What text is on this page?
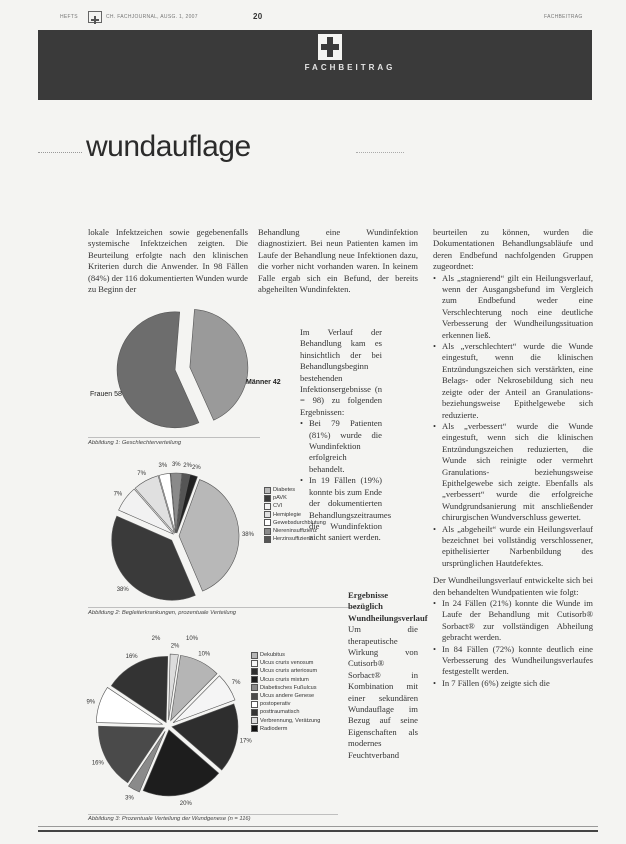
HEFTS	CH. FACHJOURNAL, AUSG. 1, 2007	20	FACHBEITRAG
FACHBEITRAG
wundauflage

lokale Infektzeichen sowie gegebenenfalls systemische Infektzeichen zeigten. Die Beurteilung erfolgte nach den klinischen Kriterien durch die Anwender. In 98 Fällen (84%) der 116 dokumentierten Wunden wurde zu Beginn der

Frauen 58
Männer 42
Abbildung 1: Geschlechterverteilung
38%
38%
7%
7%
3% 3% 2% 2%
Diabetes
pAVK
CVI
Hemiplegie
Gewebsdurchblutung
Niereninsuffizienz
Herzinsuffizienz
Abbildung 2: Begleiterkrankungen, prozentuale Verteilung
10%
7%
17%
20%
3%
16%
9%
16%
2%
2%	10%
Dekubitus
Ulcus cruris venosum
Ulcus cruris arteriosum
Ulcus cruris mixtum
Diabetisches Fußulcus
Ulcus andere Genese
postoperativ
posttraumatisch
Verbrennung, Verätzung
Radioderm
Abbildung 3: Prozentuale Verteilung der Wundgenese (n = 116)

Behandlung eine Wundinfektion diagnostiziert. Bei neun Patienten kamen im Laufe der Behandlung neue Infektionen dazu, die vorher nicht vorhanden waren. In keinem Falle ergab sich ein Befund, der bereits abgeheilten Wundinfekten.

Im Verlauf der Behandlung kam es hinsichtlich der bei Behandlungsbeginn bestehenden Infektionsergebnisse (n = 98) zu folgenden Ergebnissen:

• Bei 79 Patienten (81%) wurde die Wundinfektion erfolgreich behandelt.
• In 19 Fällen (19%) konnte bis zum Ende der dokumentierten Behandlungszeitraumes die Wundinfektion nicht saniert werden.

Ergebnisse bezüglich Wundheilungsverlauf

Um die therapeutische Wirkung von Cutisorb® Sorbact® in Kombination mit einer sekundären Wundauflage im Bezug auf seine Eigenschaften als modernes Feuchtverband

beurteilen zu können, wurden die Dokumentationen Behandlungsabläufe und deren Endbefund nachfolgenden Gruppen zugeordnet:

• Als „stagnierend“ gilt ein Heilungsverlauf, wenn der Ausgangsbefund im Vergleich zum Endbefund weder eine Verschlechterung noch eine deutliche Verbesserung der Wundheilungssituation erkennen ließ.
• Als „verschlechtert“ wurde die Wunde eingestuft, wenn die klinischen Entzündungszeichen sich verstärkten, eine Belags- oder Nekrosebildung sich neu zeigte oder der Anteil an Granulations- beziehungsweise Epithelgewebe sich reduzierte.
• Als „verbessert“ wurde die Wunde eingestuft, wenn sich die klinischen Entzündungszeichen reduzierten, die Wunde sich reinigte oder vermehrt Granulations- beziehungsweise Epithelgewebe sich zeigte. Ebenfalls als „verbessert“ wurde die erfolgreiche Wundgrundsanierung mit anschließender chirurgischen Wundverschluss gewertet.
• Als „abgeheilt“ wurde ein Heilungsverlauf bezeichnet bei vollständig verschlossener, epithelisierter Narbenbildung des ursprünglichen Hautdefektes.

Der Wundheilungsverlauf entwickelte sich bei den behandelten Wundpatienten wie folgt:

• In 24 Fällen (21%) konnte die Wunde im Laufe der Behandlung mit Cutisorb® Sorbact® zur vollständigen Abheilung gebracht werden.
• In 84 Fällen (72%) konnte deutlich eine Verbesserung des Wundheilungsverlaufes festgestellt werden.
• In 7 Fällen (6%) zeigte sich die
